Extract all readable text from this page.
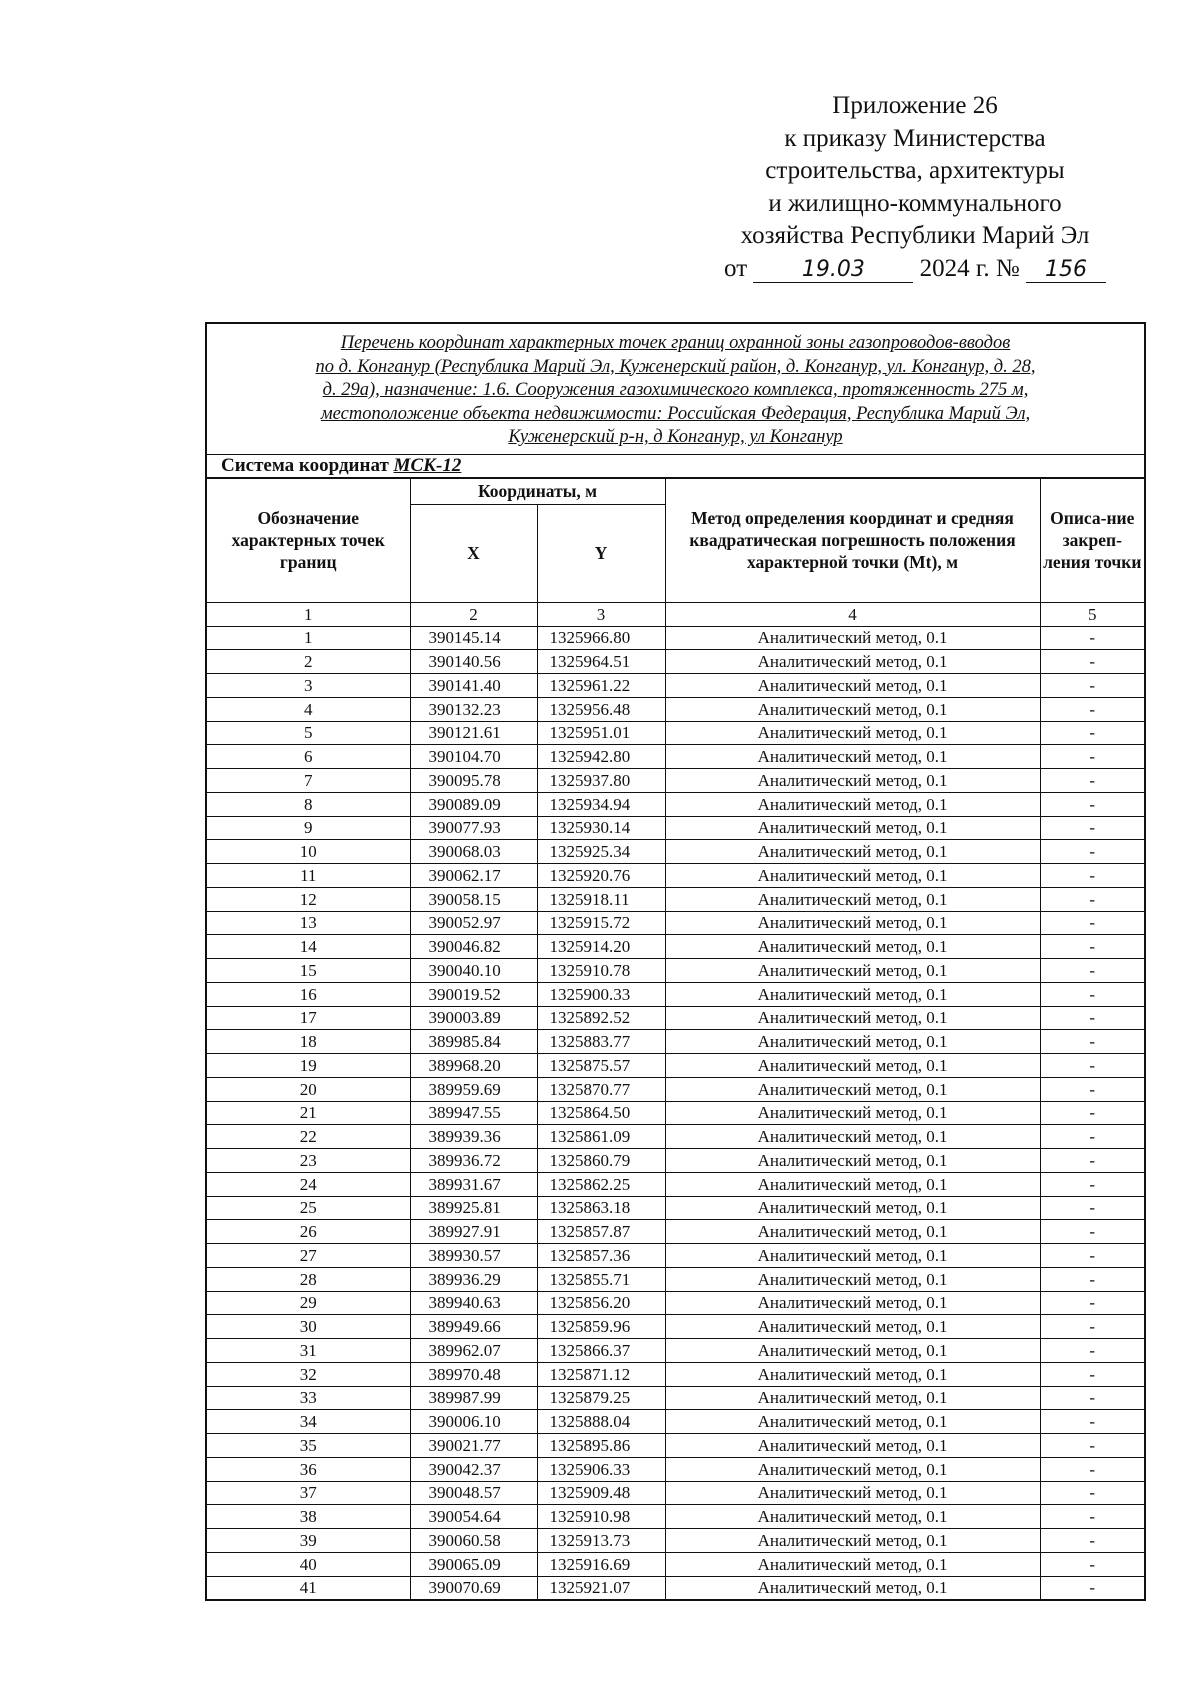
Приложение 26
к приказу Министерства
строительства, архитектуры
и жилищно-коммунального
хозяйства Республики Марий Эл
от 19.03 2024 г. № 156
Перечень координат характерных точек границ охранной зоны газопроводов-вводов
по д. Конганур (Республика Марий Эл, Куженерский район, д. Конганур, ул. Конганур, д. 28,
д. 29а), назначение: 1.6. Сооружения газохимического комплекса, протяженность 275 м,
местоположение объекта недвижимости: Российская Федерация, Республика Марий Эл,
Куженерский р-н, д Конганур, ул Конганур
Система координат МСК-12
Обозначение характерных точек границ	Координаты, м		Метод определения координат и средняя квадратическая погрешность положения характерной точки (Mt), м	Описа-ние закреп-ления точки
	X	Y		
1	2	3	4	5
1	390145.14	1325966.80	Аналитический метод, 0.1	-
2	390140.56	1325964.51	Аналитический метод, 0.1	-
3	390141.40	1325961.22	Аналитический метод, 0.1	-
4	390132.23	1325956.48	Аналитический метод, 0.1	-
5	390121.61	1325951.01	Аналитический метод, 0.1	-
6	390104.70	1325942.80	Аналитический метод, 0.1	-
7	390095.78	1325937.80	Аналитический метод, 0.1	-
8	390089.09	1325934.94	Аналитический метод, 0.1	-
9	390077.93	1325930.14	Аналитический метод, 0.1	-
10	390068.03	1325925.34	Аналитический метод, 0.1	-
11	390062.17	1325920.76	Аналитический метод, 0.1	-
12	390058.15	1325918.11	Аналитический метод, 0.1	-
13	390052.97	1325915.72	Аналитический метод, 0.1	-
14	390046.82	1325914.20	Аналитический метод, 0.1	-
15	390040.10	1325910.78	Аналитический метод, 0.1	-
16	390019.52	1325900.33	Аналитический метод, 0.1	-
17	390003.89	1325892.52	Аналитический метод, 0.1	-
18	389985.84	1325883.77	Аналитический метод, 0.1	-
19	389968.20	1325875.57	Аналитический метод, 0.1	-
20	389959.69	1325870.77	Аналитический метод, 0.1	-
21	389947.55	1325864.50	Аналитический метод, 0.1	-
22	389939.36	1325861.09	Аналитический метод, 0.1	-
23	389936.72	1325860.79	Аналитический метод, 0.1	-
24	389931.67	1325862.25	Аналитический метод, 0.1	-
25	389925.81	1325863.18	Аналитический метод, 0.1	-
26	389927.91	1325857.87	Аналитический метод, 0.1	-
27	389930.57	1325857.36	Аналитический метод, 0.1	-
28	389936.29	1325855.71	Аналитический метод, 0.1	-
29	389940.63	1325856.20	Аналитический метод, 0.1	-
30	389949.66	1325859.96	Аналитический метод, 0.1	-
31	389962.07	1325866.37	Аналитический метод, 0.1	-
32	389970.48	1325871.12	Аналитический метод, 0.1	-
33	389987.99	1325879.25	Аналитический метод, 0.1	-
34	390006.10	1325888.04	Аналитический метод, 0.1	-
35	390021.77	1325895.86	Аналитический метод, 0.1	-
36	390042.37	1325906.33	Аналитический метод, 0.1	-
37	390048.57	1325909.48	Аналитический метод, 0.1	-
38	390054.64	1325910.98	Аналитический метод, 0.1	-
39	390060.58	1325913.73	Аналитический метод, 0.1	-
40	390065.09	1325916.69	Аналитический метод, 0.1	-
41	390070.69	1325921.07	Аналитический метод, 0.1	-
